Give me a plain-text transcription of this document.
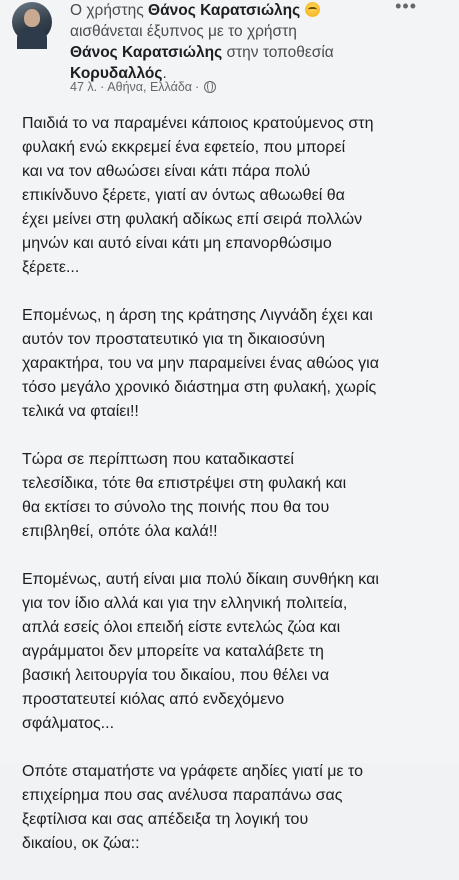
Ο χρήστης Θάνος Καρατσιώλης
αισθάνεται έξυπνος με το χρήστη
Θάνος Καρατσιώλης στην τοποθεσία
Κορυδαλλός.
•••
47 λ. · Αθήνα, Ελλάδα ·

Παιδιά το να παραμένει κάποιος κρατούμενος στη
φυλακή ενώ εκκρεμεί ένα εφετείο, που μπορεί
και να τον αθωώσει είναι κάτι πάρα πολύ
επικίνδυνο ξέρετε, γιατί αν όντως αθωωθεί θα
έχει μείνει στη φυλακή αδίκως επί σειρά πολλών
μηνών και αυτό είναι κάτι μη επανορθώσιμο
ξέρετε...

Επομένως, η άρση της κράτησης Λιγνάδη έχει και
αυτόν τον προστατευτικό για τη δικαιοσύνη
χαρακτήρα, του να μην παραμείνει ένας αθώος για
τόσο μεγάλο χρονικό διάστημα στη φυλακή, χωρίς
τελικά να φταίει!!

Τώρα σε περίπτωση που καταδικαστεί
τελεσίδικα, τότε θα επιστρέψει στη φυλακή και
θα εκτίσει το σύνολο της ποινής που θα του
επιβληθεί, οπότε όλα καλά!!

Επομένως, αυτή είναι μια πολύ δίκαιη συνθήκη και
για τον ίδιο αλλά και για την ελληνική πολιτεία,
απλά εσείς όλοι επειδή είστε εντελώς ζώα και
αγράμματοι δεν μπορείτε να καταλάβετε τη
βασική λειτουργία του δικαίου, που θέλει να
προστατευτεί κιόλας από ενδεχόμενο
σφάλματος...

Οπότε σταματήστε να γράφετε αηδίες γιατί με το
επιχείρημα που σας ανέλυσα παραπάνω σας
ξεφτίλισα και σας απέδειξα τη λογική του
δικαίου, οκ ζώα::
